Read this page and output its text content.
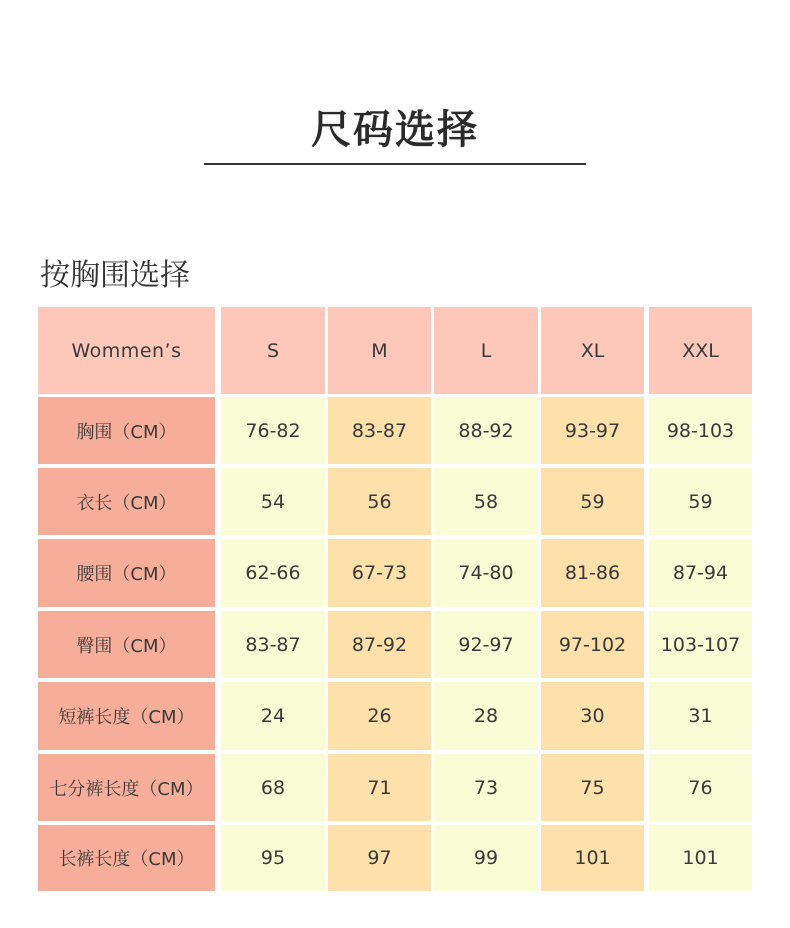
尺码选择
按胸围选择
Wommen’s	S	M	L	XL	XXL
胸围（CM）	76-82	83-87	88-92	93-97	98-103
衣长（CM）	54	56	58	59	59
腰围（CM）	62-66	67-73	74-80	81-86	87-94
臀围（CM）	83-87	87-92	92-97	97-102	103-107
短裤长度（CM）	24	26	28	30	31
七分裤长度（CM）	68	71	73	75	76
长裤长度（CM）	95	97	99	101	101
